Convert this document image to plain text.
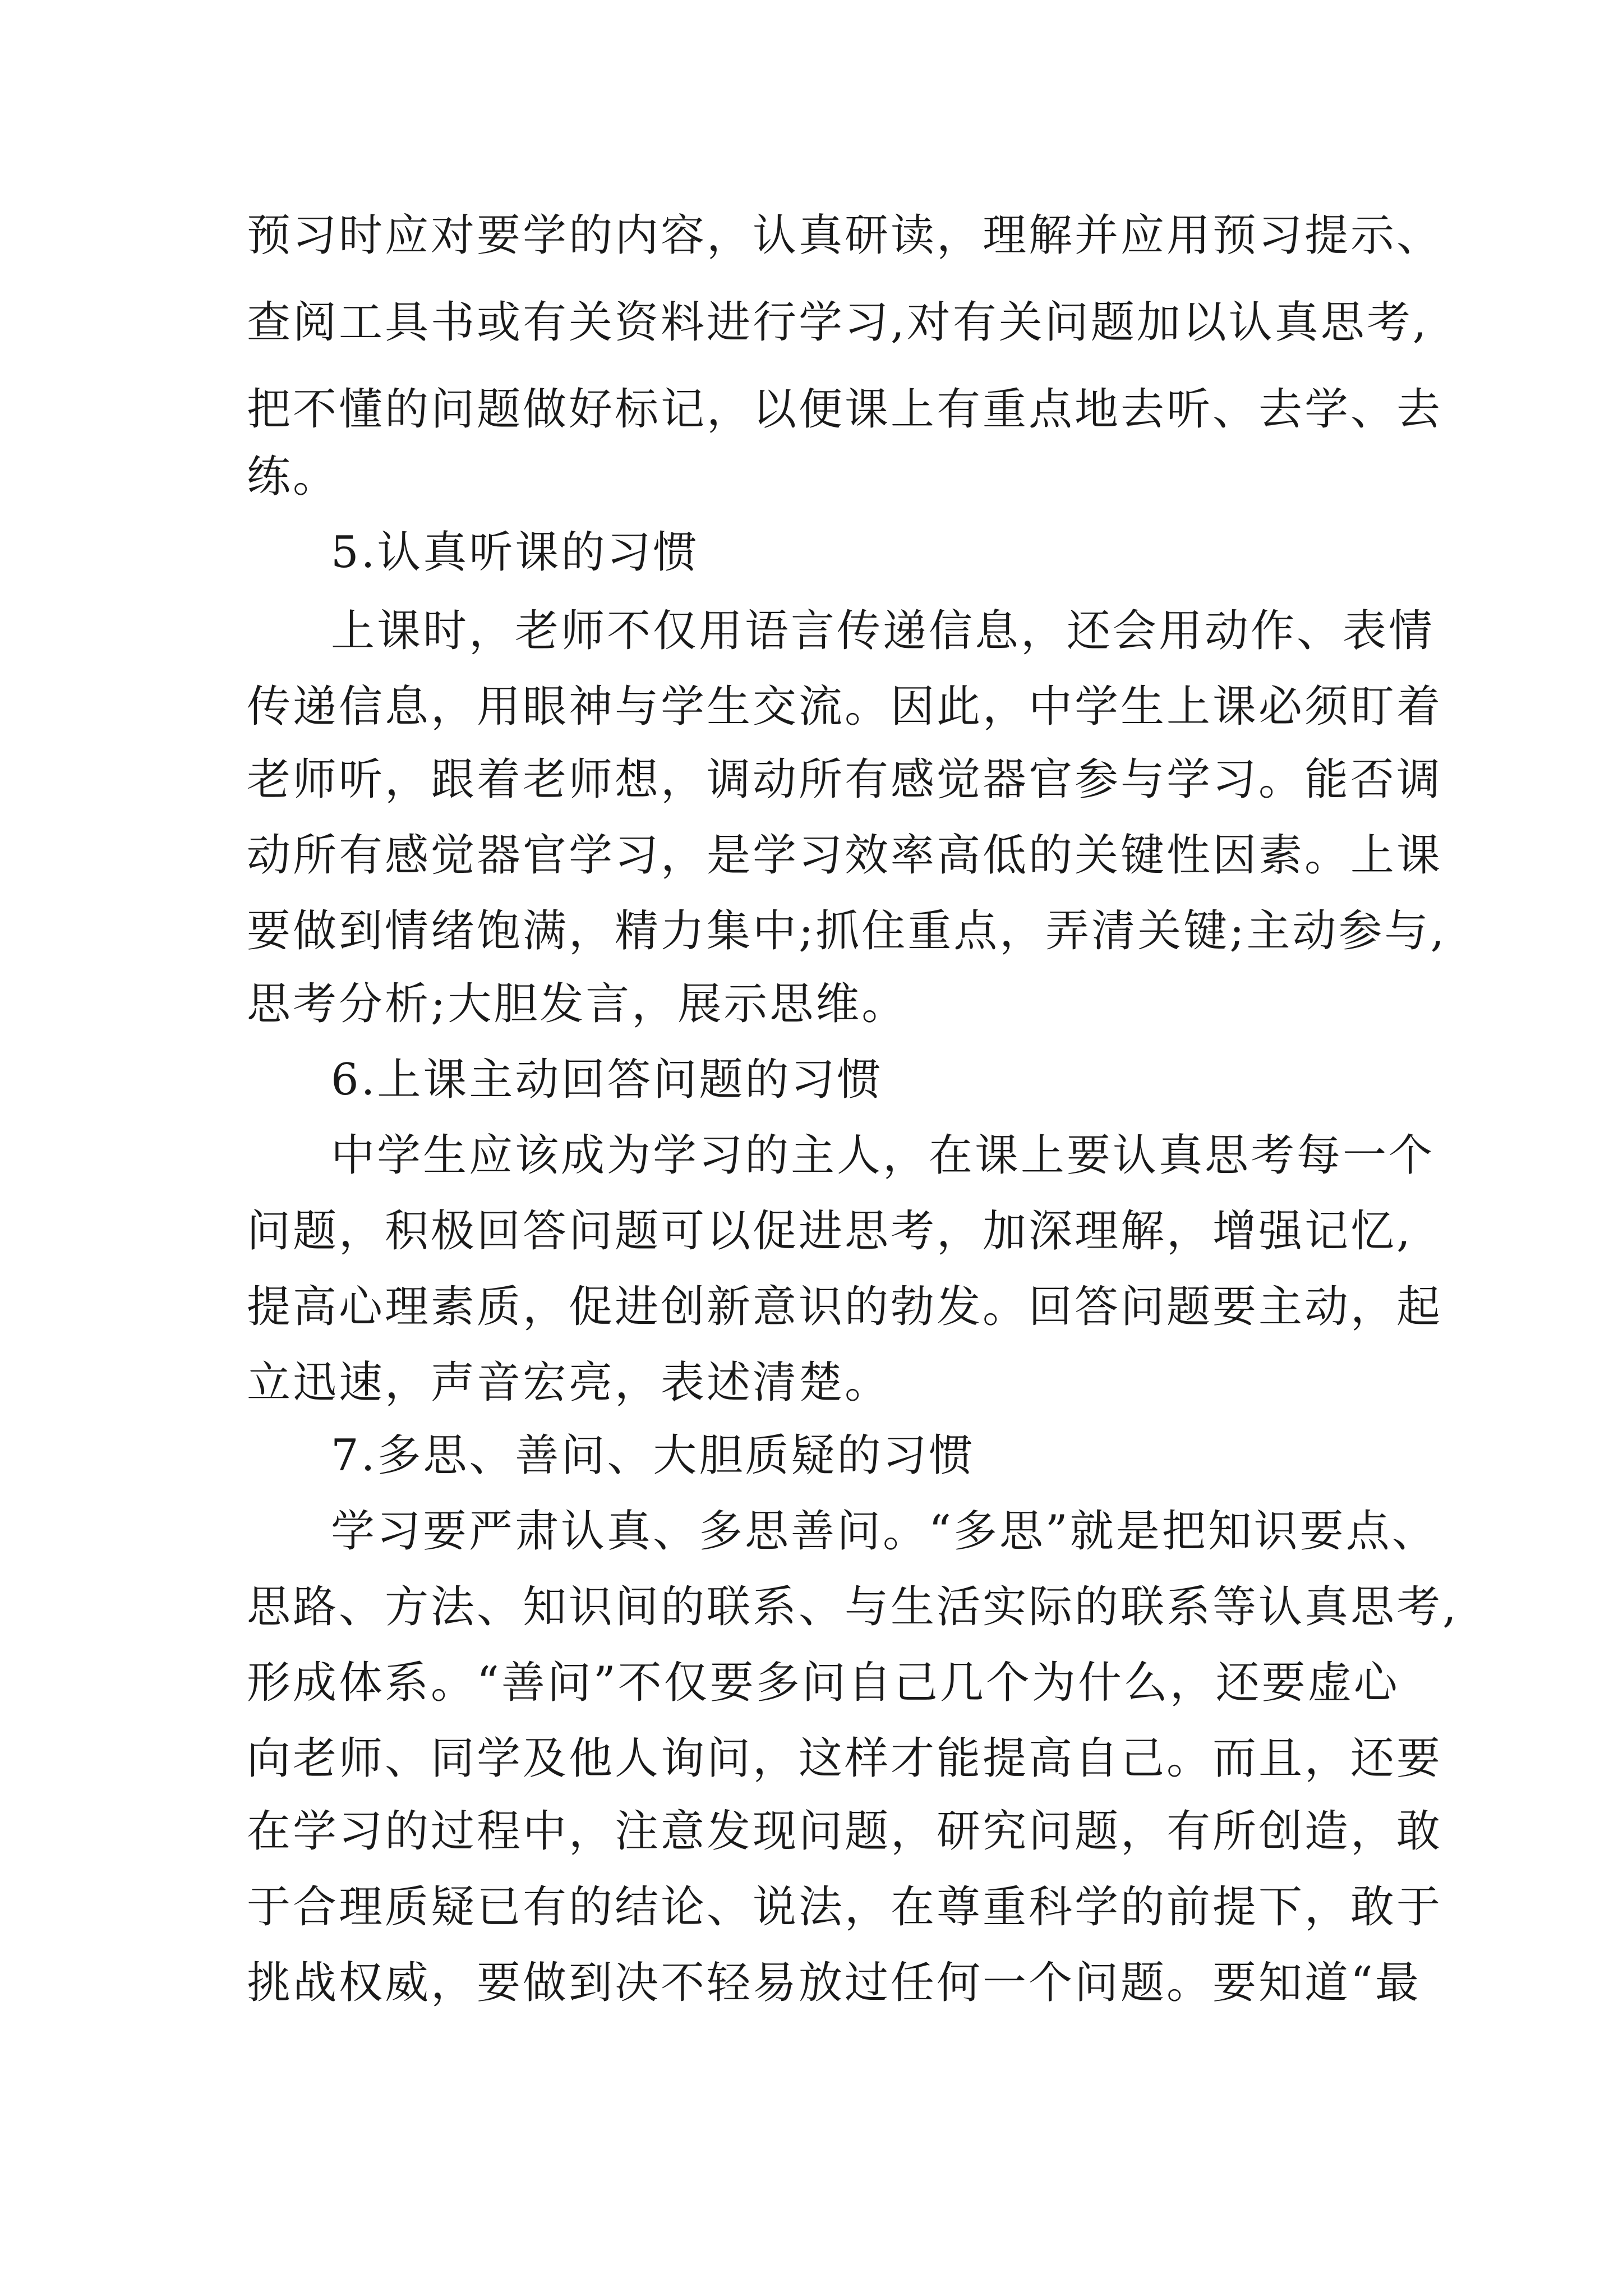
预习时应对要学的内容，认真研读，理解并应用预习提示、
查阅工具书或有关资料进行学习,对有关问题加以认真思考,
把不懂的问题做好标记，以便课上有重点地去听、去学、去
练。
5.认真听课的习惯
上课时，老师不仅用语言传递信息，还会用动作、表情
传递信息，用眼神与学生交流。因此，中学生上课必须盯着
老师听，跟着老师想，调动所有感觉器官参与学习。能否调
动所有感觉器官学习，是学习效率高低的关键性因素。上课
要做到情绪饱满，精力集中;抓住重点，弄清关键;主动参与,
思考分析;大胆发言，展示思维。
6.上课主动回答问题的习惯
中学生应该成为学习的主人，在课上要认真思考每一个
问题，积极回答问题可以促进思考，加深理解，增强记忆,
提高心理素质，促进创新意识的勃发。回答问题要主动，起
立迅速，声音宏亮，表述清楚。
7.多思、善问、大胆质疑的习惯
学习要严肃认真、多思善问。“多思”就是把知识要点、
思路、方法、知识间的联系、与生活实际的联系等认真思考,
形成体系。“善问”不仅要多问自己几个为什么，还要虚心
向老师、同学及他人询问，这样才能提高自己。而且，还要
在学习的过程中，注意发现问题，研究问题，有所创造，敢
于合理质疑已有的结论、说法，在尊重科学的前提下，敢于
挑战权威，要做到决不轻易放过任何一个问题。要知道“最
